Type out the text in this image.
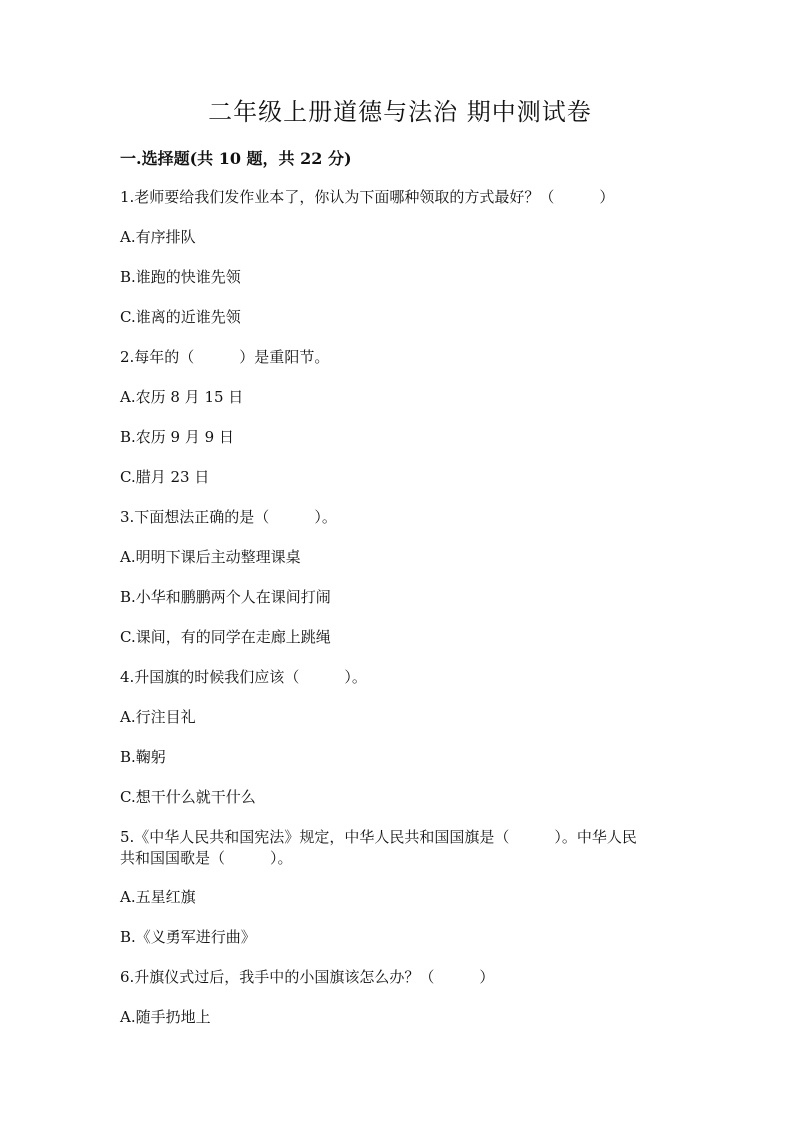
二年级上册道德与法治 期中测试卷
一.选择题(共 10 题，共 22 分)
1.老师要给我们发作业本了，你认为下面哪种领取的方式最好？（　　　）
A.有序排队
B.谁跑的快谁先领
C.谁离的近谁先领
2.每年的（　　　）是重阳节。
A.农历 8 月 15 日
B.农历 9 月 9 日
C.腊月 23 日
3.下面想法正确的是（　　　）。
A.明明下课后主动整理课桌
B.小华和鹏鹏两个人在课间打闹
C.课间，有的同学在走廊上跳绳
4.升国旗的时候我们应该（　　　）。
A.行注目礼
B.鞠躬
C.想干什么就干什么
5.《中华人民共和国宪法》规定，中华人民共和国国旗是（　　　）。中华人民
共和国国歌是（　　　）。
A.五星红旗
B.《义勇军进行曲》
6.升旗仪式过后，我手中的小国旗该怎么办？（　　　）
A.随手扔地上
